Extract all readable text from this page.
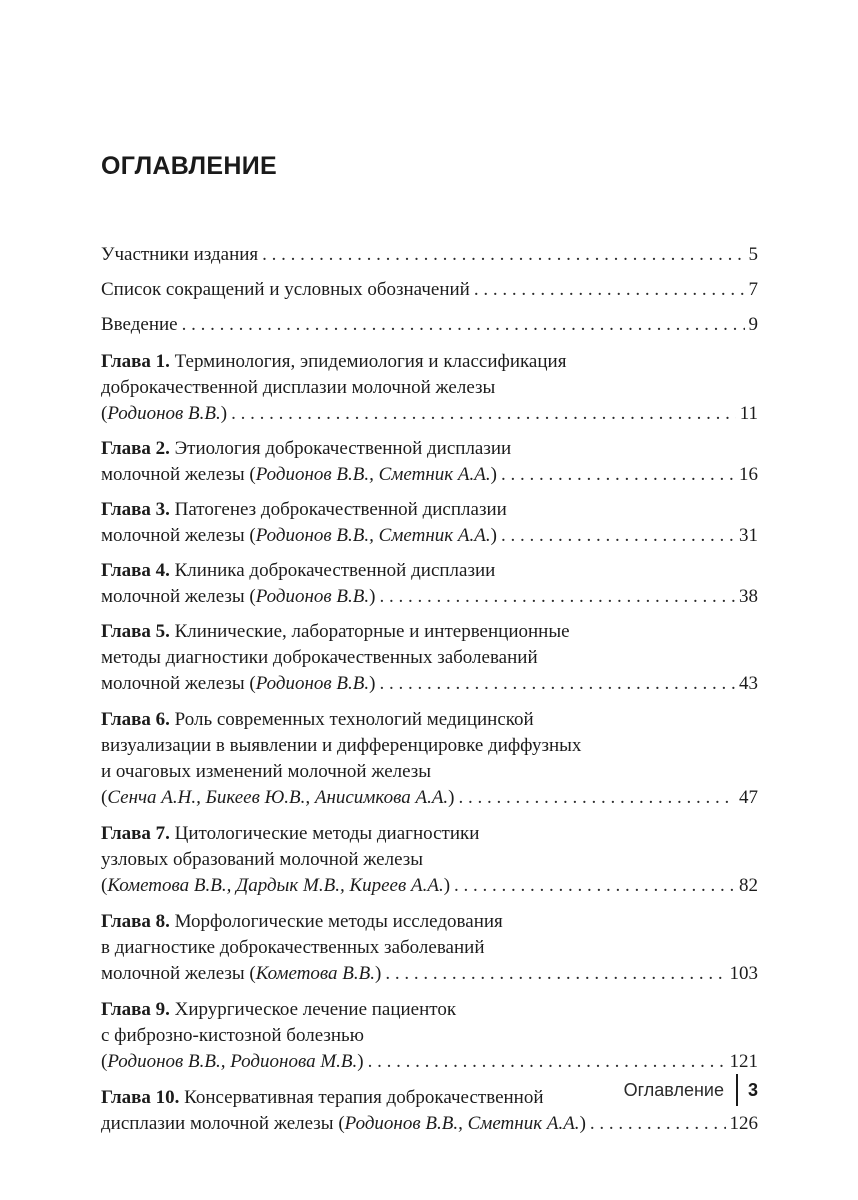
ОГЛАВЛЕНИЕ
Участники издания . . .	5
Список сокращений и условных обозначений . . .	7
Введение . . .	9
Глава 1. Терминология, эпидемиология и классификация
доброкачественной дисплазии молочной железы
(Родионов В.В.) . . .	11
Глава 2. Этиология доброкачественной дисплазии
молочной железы (Родионов В.В., Сметник А.А.) . . .	16
Глава 3. Патогенез доброкачественной дисплазии
молочной железы (Родионов В.В., Сметник А.А.) . . .	31
Глава 4. Клиника доброкачественной дисплазии
молочной железы (Родионов В.В.) . . .	38
Глава 5. Клинические, лабораторные и интервенционные
методы диагностики доброкачественных заболеваний
молочной железы (Родионов В.В.) . . .	43
Глава 6. Роль современных технологий медицинской
визуализации в выявлении и дифференцировке диффузных
и очаговых изменений молочной железы
(Сенча А.Н., Бикеев Ю.В., Анисимкова А.А.) . . .	47
Глава 7. Цитологические методы диагностики
узловых образований молочной железы
(Кометова В.В., Дардык М.В., Киреев А.А.) . . .	82
Глава 8. Морфологические методы исследования
в диагностике доброкачественных заболеваний
молочной железы (Кометова В.В.) . . .	103
Глава 9. Хирургическое лечение пациенток
с фиброзно-кистозной болезнью
(Родионов В.В., Родионова М.В.) . . .	121
Глава 10. Консервативная терапия доброкачественной
дисплазии молочной железы (Родионов В.В., Сметник А.А.) . . .	126
Оглавление	3
